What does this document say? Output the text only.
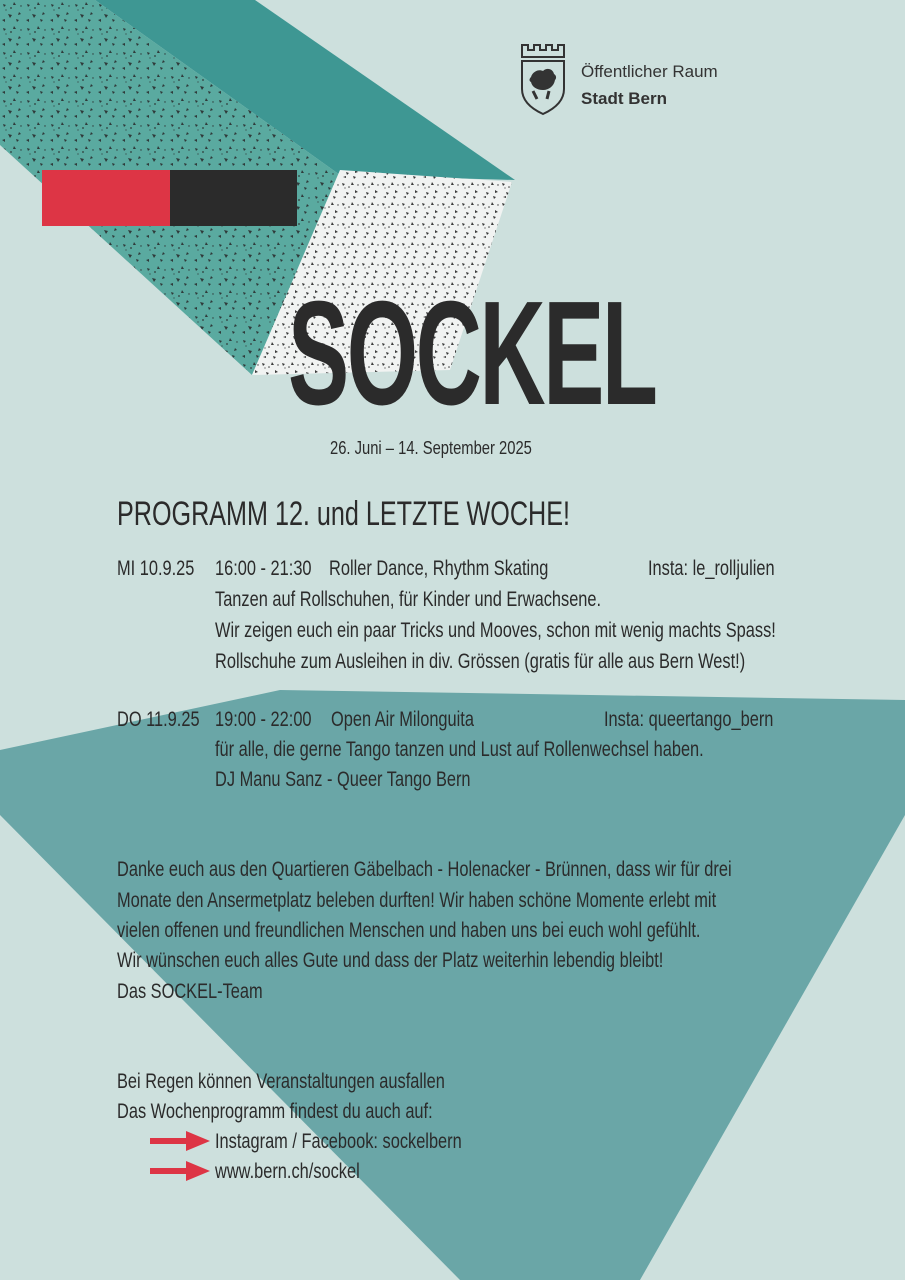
Öffentlicher Raum
Stadt Bern
SOCKEL
26. Juni – 14. September 2025
PROGRAMM 12. und LETZTE WOCHE!
MI 10.9.25 16:00 - 21:30 Roller Dance, Rhythm Skating	Insta: le_rolljulien
Tanzen auf Rollschuhen, für Kinder und Erwachsene.
Wir zeigen euch ein paar Tricks und Mooves, schon mit wenig machts Spass!
Rollschuhe zum Ausleihen in div. Grössen (gratis für alle aus Bern West!)
DO 11.9.25 19:00 - 22:00 Open Air Milonguita	Insta: queertango_bern
für alle, die gerne Tango tanzen und Lust auf Rollenwechsel haben.
DJ Manu Sanz - Queer Tango Bern
Danke euch aus den Quartieren Gäbelbach - Holenacker - Brünnen, dass wir für drei
Monate den Ansermetplatz beleben durften! Wir haben schöne Momente erlebt mit
vielen offenen und freundlichen Menschen und haben uns bei euch wohl gefühlt.
Wir wünschen euch alles Gute und dass der Platz weiterhin lebendig bleibt!
Das SOCKEL-Team
Bei Regen können Veranstaltungen ausfallen
Das Wochenprogramm findest du auch auf:
Instagram / Facebook: sockelbern
www.bern.ch/sockel
